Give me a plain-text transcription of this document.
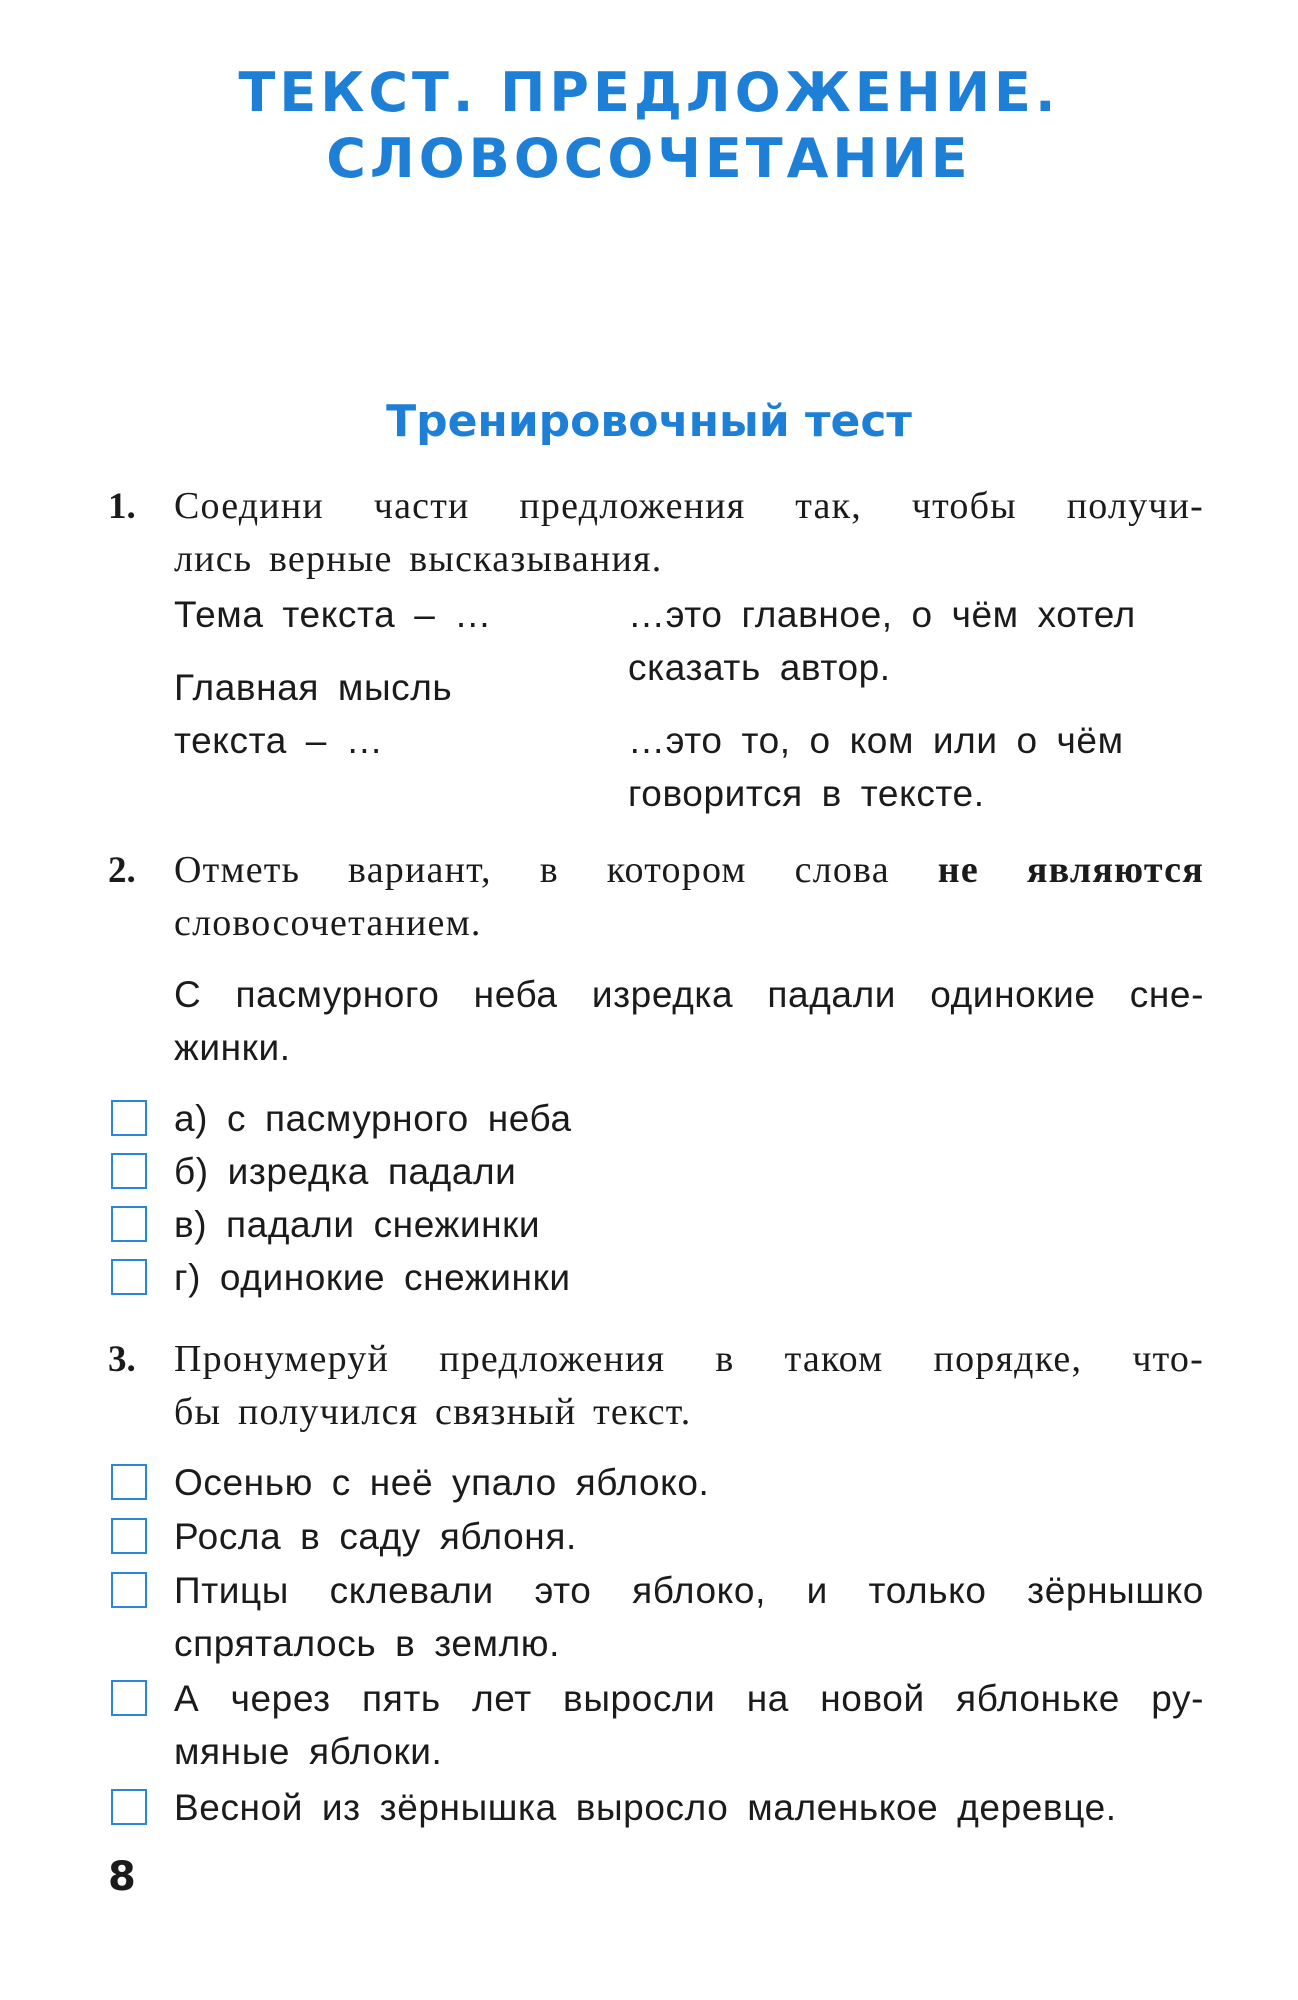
ТЕКСТ. ПРЕДЛОЖЕНИЕ.
СЛОВОСОЧЕТАНИЕ
Тренировочный тест
1. Соедини части предложения так, чтобы получи-
лись верные высказывания.
Тема текста – …
Главная мысль
текста – …
…это главное, о чём хотел
сказать автор.
…это то, о ком или о чём
говорится в тексте.
2. Отметь вариант, в котором слова не являются
словосочетанием.
С пасмурного неба изредка падали одинокие сне-
жинки.
а) с пасмурного неба
б) изредка падали
в) падали снежинки
г) одинокие снежинки
3. Пронумеруй предложения в таком порядке, что-
бы получился связный текст.
Осенью с неё упало яблоко.
Росла в саду яблоня.
Птицы склевали это яблоко, и только зёрнышко
спряталось в землю.
А через пять лет выросли на новой яблоньке ру-
мяные яблоки.
Весной из зёрнышка выросло маленькое деревце.
8
